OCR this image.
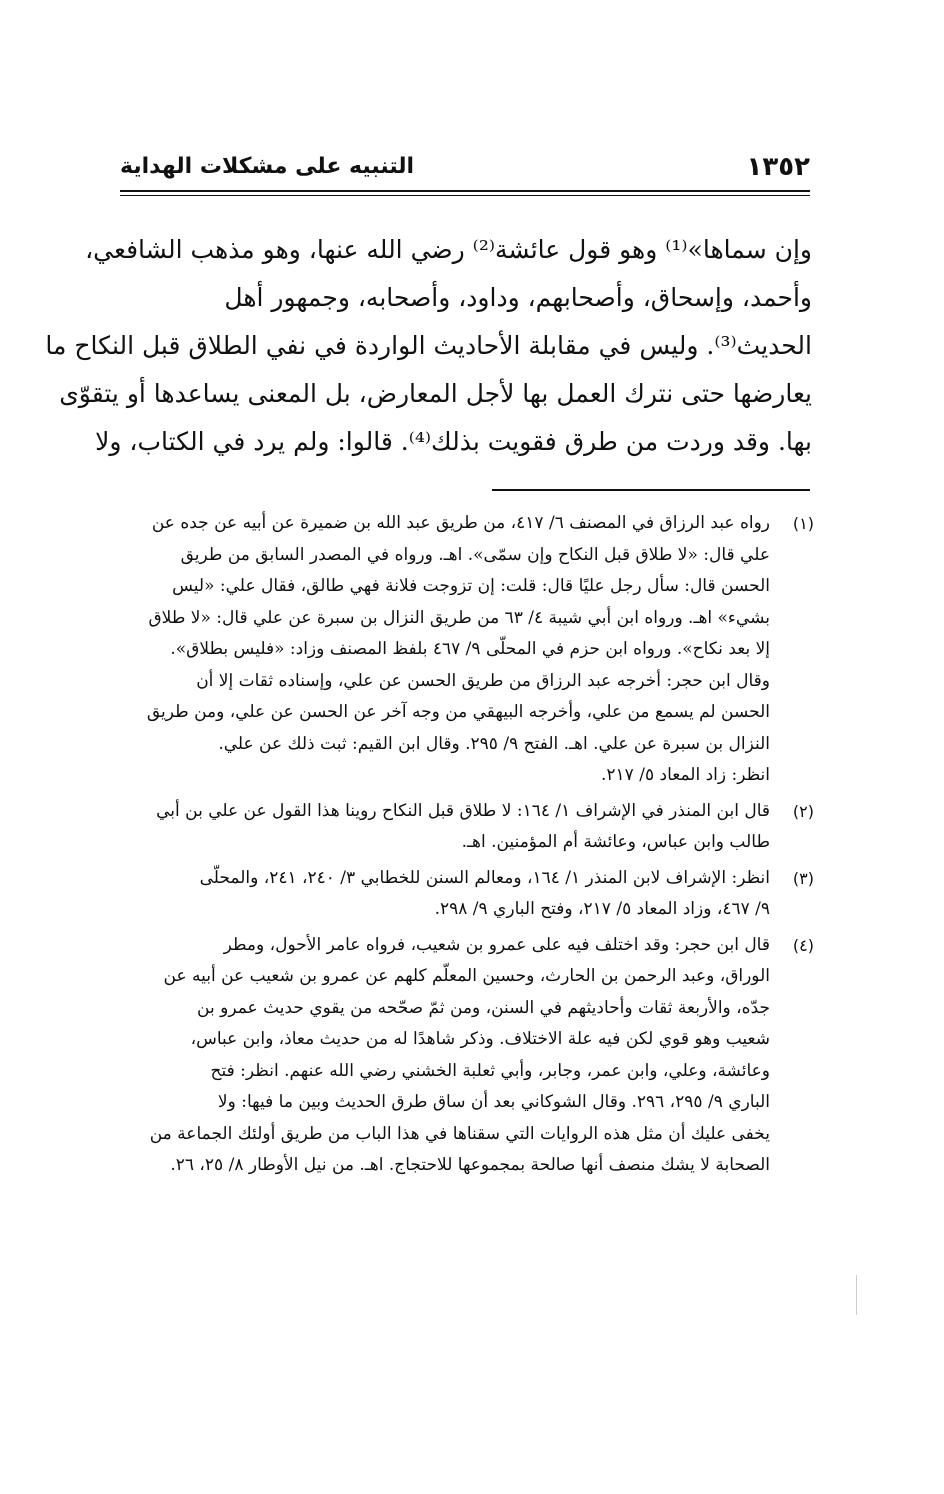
١٣٥٢
التنبيه على مشكلات الهداية
وإن سماها»⁽¹⁾ وهو قول عائشة⁽²⁾ رضي الله عنها، وهو مذهب الشافعي،
وأحمد، وإسحاق، وأصحابهم، وداود، وأصحابه، وجمهور أهل
الحديث⁽³⁾. وليس في مقابلة الأحاديث الواردة في نفي الطلاق قبل النكاح ما
يعارضها حتى نترك العمل بها لأجل المعارض، بل المعنى يساعدها أو يتقوّى
بها. وقد وردت من طرق فقويت بذلك⁽⁴⁾. قالوا: ولم يرد في الكتاب، ولا
(١)
رواه عبد الرزاق في المصنف ٦/ ٤١٧، من طريق عبد الله بن ضميرة عن أبيه عن جده عن
علي قال: «لا طلاق قبل النكاح وإن سمّى». اهـ. ورواه في المصدر السابق من طريق
الحسن قال: سأل رجل عليًا قال: قلت: إن تزوجت فلانة فهي طالق، فقال علي: «ليس
بشيء» اهـ. ورواه ابن أبي شيبة ٤/ ٦٣ من طريق النزال بن سبرة عن علي قال: «لا طلاق
إلا بعد نكاح». ورواه ابن حزم في المحلّى ٩/ ٤٦٧ بلفظ المصنف وزاد: «فليس بطلاق».
وقال ابن حجر: أخرجه عبد الرزاق من طريق الحسن عن علي، وإسناده ثقات إلا أن
الحسن لم يسمع من علي، وأخرجه البيهقي من وجه آخر عن الحسن عن علي، ومن طريق
النزال بن سبرة عن علي. اهـ. الفتح ٩/ ٢٩٥. وقال ابن القيم: ثبت ذلك عن علي.
انظر: زاد المعاد ٥/ ٢١٧.
(٢)
قال ابن المنذر في الإشراف ١/ ١٦٤: لا طلاق قبل النكاح روينا هذا القول عن علي بن أبي
طالب وابن عباس، وعائشة أم المؤمنين. اهـ.
(٣)
انظر: الإشراف لابن المنذر ١/ ١٦٤، ومعالم السنن للخطابي ٣/ ٢٤٠، ٢٤١، والمحلّى
٩/ ٤٦٧، وزاد المعاد ٥/ ٢١٧، وفتح الباري ٩/ ٢٩٨.
(٤)
قال ابن حجر: وقد اختلف فيه على عمرو بن شعيب، فرواه عامر الأحول، ومطر
الوراق، وعبد الرحمن بن الحارث، وحسين المعلّم كلهم عن عمرو بن شعيب عن أبيه عن
جدّه، والأربعة ثقات وأحاديثهم في السنن، ومن ثمّ صحّحه من يقوي حديث عمرو بن
شعيب وهو قوي لكن فيه علة الاختلاف. وذكر شاهدًا له من حديث معاذ، وابن عباس،
وعائشة، وعلي، وابن عمر، وجابر، وأبي ثعلبة الخشني رضي الله عنهم. انظر: فتح
الباري ٩/ ٢٩٥، ٢٩٦. وقال الشوكاني بعد أن ساق طرق الحديث وبين ما فيها: ولا
يخفى عليك أن مثل هذه الروايات التي سقناها في هذا الباب من طريق أولئك الجماعة من
الصحابة لا يشك منصف أنها صالحة بمجموعها للاحتجاج. اهـ. من نيل الأوطار ٨/ ٢٥، ٢٦.
